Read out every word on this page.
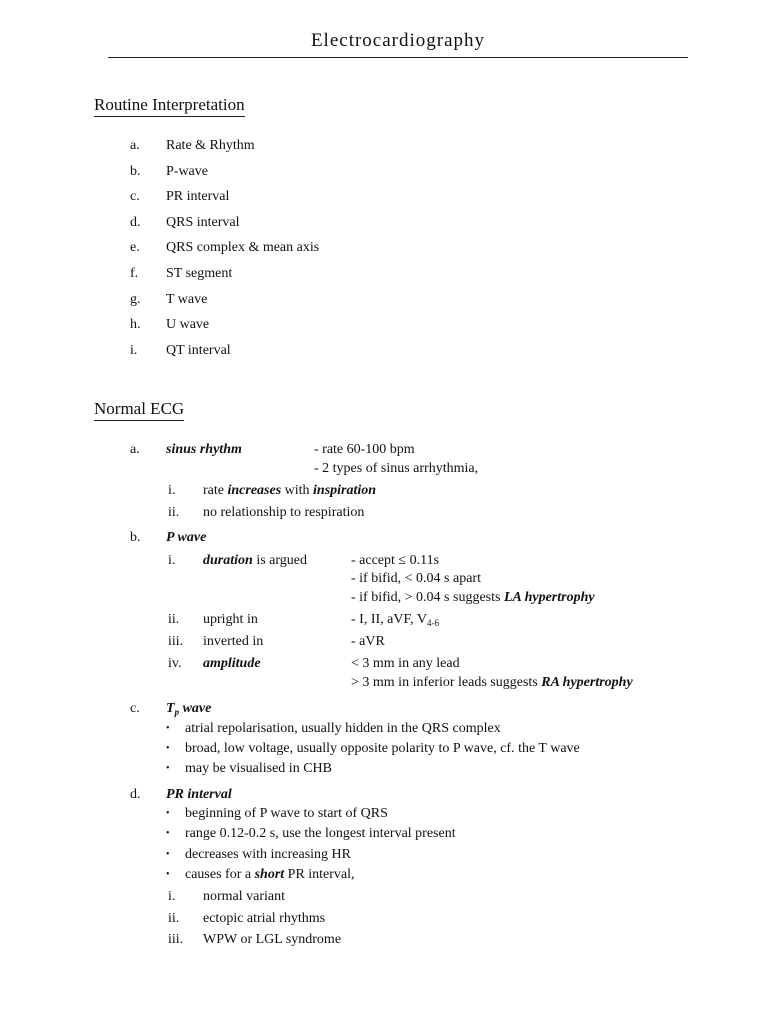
Electrocardiography
Routine Interpretation
a. Rate & Rhythm
b. P-wave
c. PR interval
d. QRS interval
e. QRS complex & mean axis
f. ST segment
g. T wave
h. U wave
i. QT interval
Normal ECG
a. sinus rhythm	- rate 60-100 bpm
- 2 types of sinus arrhythmia,
i. rate increases with inspiration
ii. no relationship to respiration
b. P wave
i. duration is argued	- accept ≤ 0.11s
- if bifid, < 0.04 s apart
- if bifid, > 0.04 s suggests LA hypertrophy
ii. upright in	- I, II, aVF, $V_{4-6}$
iii. inverted in	- aVR
iv. amplitude	< 3 mm in any lead
> 3 mm in inferior leads suggests RA hypertrophy
c. $T_p$ wave
• atrial repolarisation, usually hidden in the QRS complex
• broad, low voltage, usually opposite polarity to P wave, cf. the T wave
• may be visualised in CHB
d. PR interval
• beginning of P wave to start of QRS
• range 0.12-0.2 s, use the longest interval present
• decreases with increasing HR
• causes for a short PR interval,
i. normal variant
ii. ectopic atrial rhythms
iii. WPW or LGL syndrome
